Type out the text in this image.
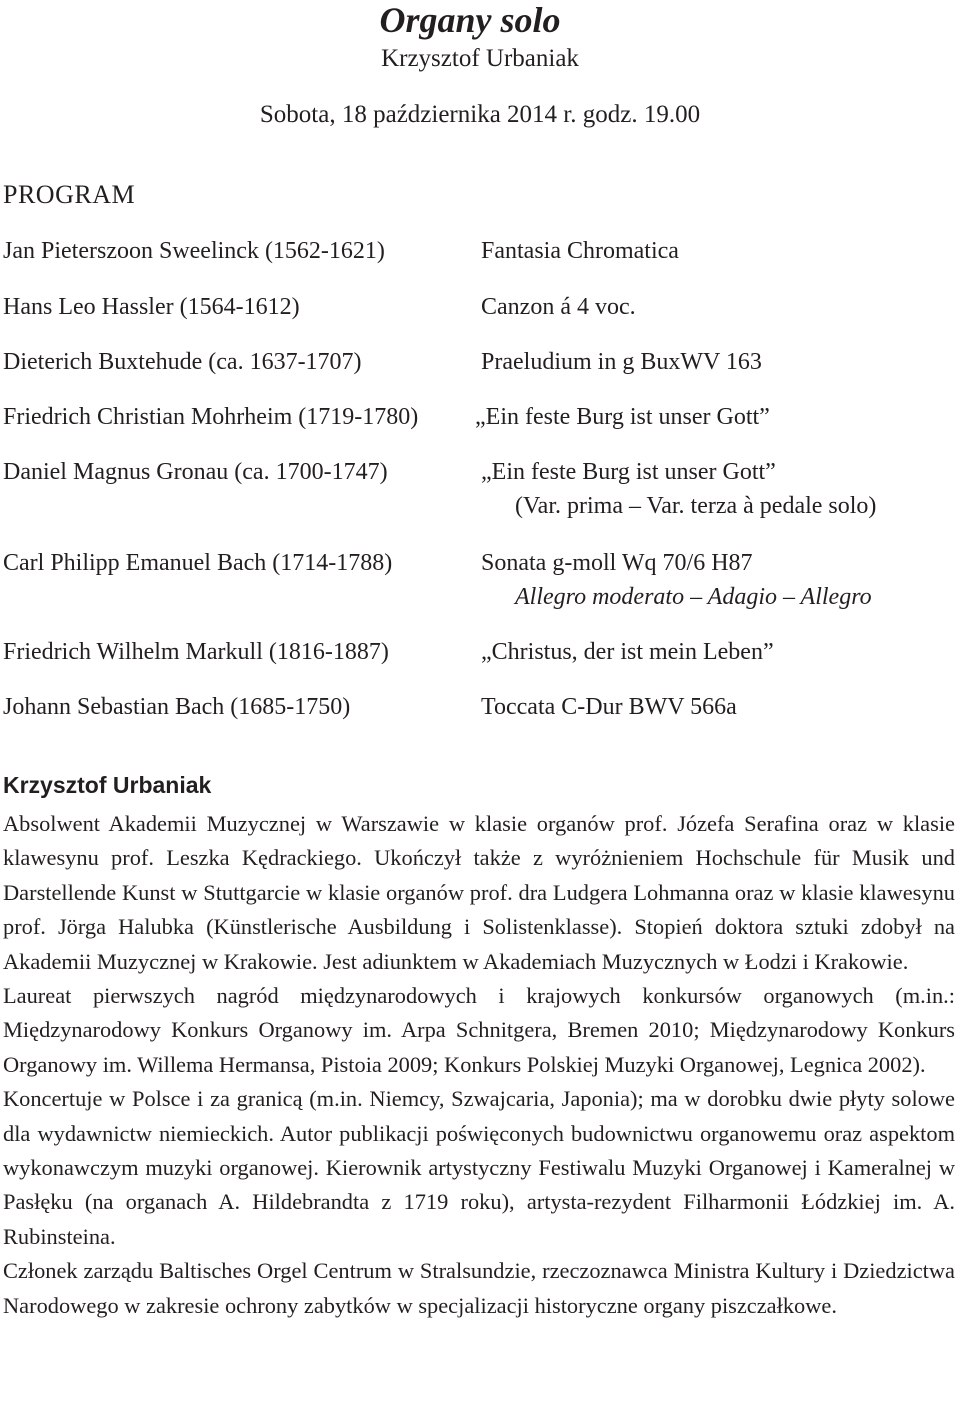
Organy solo
Krzysztof Urbaniak
Sobota, 18 października 2014 r. godz. 19.00
PROGRAM
Jan Pieterszoon Sweelinck (1562-1621)	Fantasia Chromatica
Hans Leo Hassler (1564-1612)	Canzon á 4 voc.
Dieterich Buxtehude (ca. 1637-1707)	Praeludium in g BuxWV 163
Friedrich Christian Mohrheim (1719-1780) „Ein feste Burg ist unser Gott”
Daniel Magnus Gronau (ca. 1700-1747)	„Ein feste Burg ist unser Gott”
(Var. prima – Var. terza à pedale solo)
Carl Philipp Emanuel Bach (1714-1788)	Sonata g-moll Wq 70/6 H87
Allegro moderato – Adagio – Allegro
Friedrich Wilhelm Markull (1816-1887)	„Christus, der ist mein Leben”
Johann Sebastian Bach (1685-1750)	Toccata C-Dur BWV 566a
Krzysztof Urbaniak

Absolwent Akademii Muzycznej w Warszawie w klasie organów prof. Józefa Serafina oraz w klasie klawesynu prof. Leszka Kędrackiego. Ukończył także z wyróżnieniem Hochschule für Musik und Darstellende Kunst w Stuttgarcie w klasie organów prof. dra Ludgera Lohmanna oraz w klasie klawesynu prof. Jörga Halubka (Künstlerische Ausbildung i Solistenklasse). Stopień doktora sztuki zdobył na Akademii Muzycznej w Krakowie. Jest adiunktem w Akademiach Muzycznych w Łodzi i Krakowie.

Laureat pierwszych nagród międzynarodowych i krajowych konkursów organowych (m.in.: Międzynarodowy Konkurs Organowy im. Arpa Schnitgera, Bremen 2010; Międzynarodowy Konkurs Organowy im. Willema Hermansa, Pistoia 2009; Konkurs Polskiej Muzyki Organowej, Legnica 2002).

Koncertuje w Polsce i za granicą (m.in. Niemcy, Szwajcaria, Japonia); ma w dorobku dwie płyty solowe dla wydawnictw niemieckich. Autor publikacji poświęconych budownictwu organowemu oraz aspektom wykonawczym muzyki organowej. Kierownik artystyczny Festiwalu Muzyki Organowej i Kameralnej w Pasłęku (na organach A. Hildebrandta z 1719 roku), artysta-rezydent Filharmonii Łódzkiej im. A. Rubinsteina.

Członek zarządu Baltisches Orgel Centrum w Stralsundzie, rzeczoznawca Ministra Kultury i Dziedzictwa Narodowego w zakresie ochrony zabytków w specjalizacji historyczne organy piszczałkowe.
